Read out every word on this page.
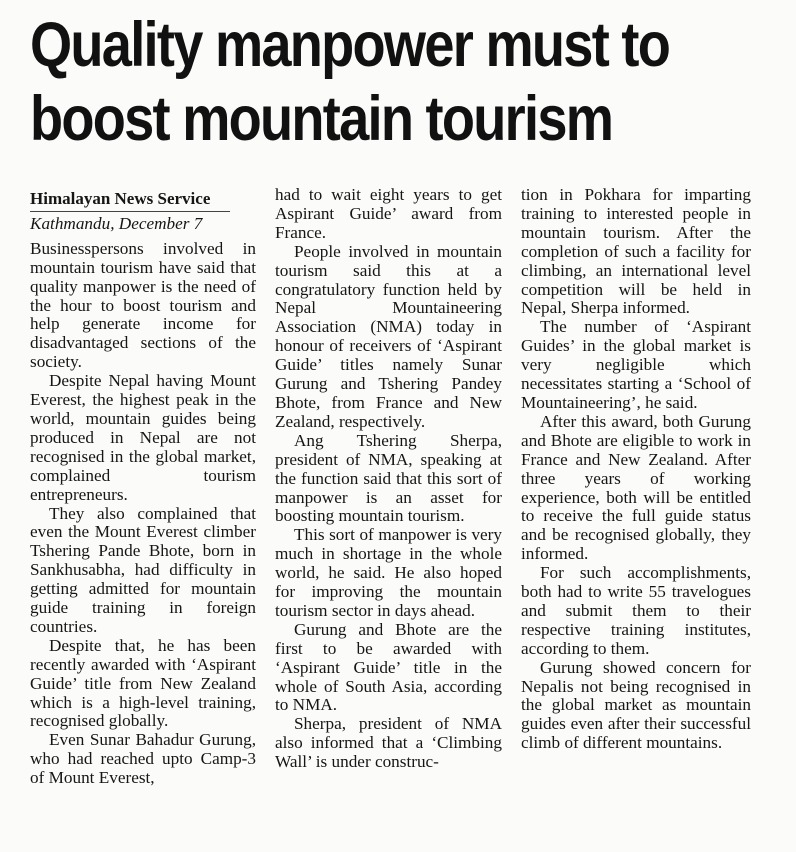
Quality manpower must to
boost mountain tourism
Himalayan News Service
Kathmandu, December 7

Businesspersons involved in mountain tourism have said that quality manpower is the need of the hour to boost tourism and help generate income for disadvantaged sections of the society.

Despite Nepal having Mount Everest, the highest peak in the world, mountain guides being produced in Nepal are not recognised in the global market, complained tourism entrepreneurs.

They also complained that even the Mount Everest climber Tshering Pande Bhote, born in Sankhusabha, had difficulty in getting admitted for mountain guide training in foreign countries.

Despite that, he has been recently awarded with ‘Aspirant Guide’ title from New Zealand which is a high-level training, recognised globally.

Even Sunar Bahadur Gurung, who had reached upto Camp-3 of Mount Everest,

had to wait eight years to get Aspirant Guide’ award from France.

People involved in mountain tourism said this at a congratulatory function held by Nepal Mountaineering Association (NMA) today in honour of receivers of ‘Aspirant Guide’ titles namely Sunar Gurung and Tshering Pandey Bhote, from France and New Zealand, respectively.

Ang Tshering Sherpa, president of NMA, speaking at the function said that this sort of manpower is an asset for boosting mountain tourism.

This sort of manpower is very much in shortage in the whole world, he said. He also hoped for improving the mountain tourism sector in days ahead.

Gurung and Bhote are the first to be awarded with ‘Aspirant Guide’ title in the whole of South Asia, according to NMA.

Sherpa, president of NMA also informed that a ‘Climbing Wall’ is under construc-

tion in Pokhara for imparting training to interested people in mountain tourism. After the completion of such a facility for climbing, an international level competition will be held in Nepal, Sherpa informed.

The number of ‘Aspirant Guides’ in the global market is very negligible which necessitates starting a ‘School of Mountaineering’, he said.

After this award, both Gurung and Bhote are eligible to work in France and New Zealand. After three years of working experience, both will be entitled to receive the full guide status and be recognised globally, they informed.

For such accomplishments, both had to write 55 travelogues and submit them to their respective training institutes, according to them.

Gurung showed concern for Nepalis not being recognised in the global market as mountain guides even after their successful climb of different mountains.
